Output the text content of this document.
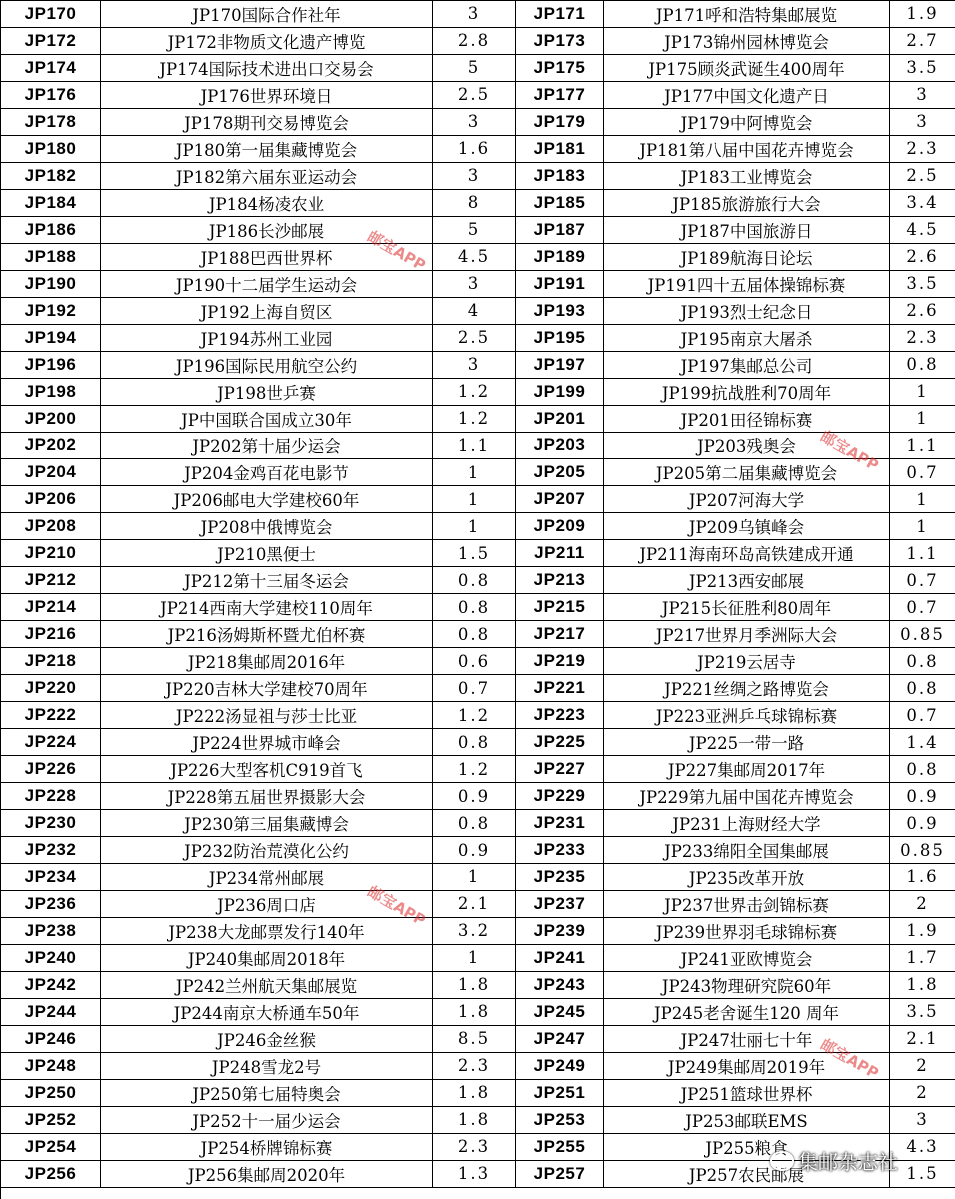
JP170	JP170国际合作社年	3	JP171	JP171呼和浩特集邮展览	1.9
JP172	JP172非物质文化遗产博览	2.8	JP173	JP173锦州园林博览会	2.7
JP174	JP174国际技术进出口交易会	5	JP175	JP175顾炎武诞生400周年	3.5
JP176	JP176世界环境日	2.5	JP177	JP177中国文化遗产日	3
JP178	JP178期刊交易博览会	3	JP179	JP179中阿博览会	3
JP180	JP180第一届集藏博览会	1.6	JP181	JP181第八届中国花卉博览会	2.3
JP182	JP182第六届东亚运动会	3	JP183	JP183工业博览会	2.5
JP184	JP184杨凌农业	8	JP185	JP185旅游旅行大会	3.4
JP186	JP186长沙邮展	5	JP187	JP187中国旅游日	4.5
JP188	JP188巴西世界杯	4.5	JP189	JP189航海日论坛	2.6
JP190	JP190十二届学生运动会	3	JP191	JP191四十五届体操锦标赛	3.5
JP192	JP192上海自贸区	4	JP193	JP193烈士纪念日	2.6
JP194	JP194苏州工业园	2.5	JP195	JP195南京大屠杀	2.3
JP196	JP196国际民用航空公约	3	JP197	JP197集邮总公司	0.8
JP198	JP198世乒赛	1.2	JP199	JP199抗战胜利70周年	1
JP200	JP中国联合国成立30年	1.2	JP201	JP201田径锦标赛	1
JP202	JP202第十届少运会	1.1	JP203	JP203残奥会	1.1
JP204	JP204金鸡百花电影节	1	JP205	JP205第二届集藏博览会	0.7
JP206	JP206邮电大学建校60年	1	JP207	JP207河海大学	1
JP208	JP208中俄博览会	1	JP209	JP209乌镇峰会	1
JP210	JP210黑便士	1.5	JP211	JP211海南环岛高铁建成开通	1.1
JP212	JP212第十三届冬运会	0.8	JP213	JP213西安邮展	0.7
JP214	JP214西南大学建校110周年	0.8	JP215	JP215长征胜利80周年	0.7
JP216	JP216汤姆斯杯暨尤伯杯赛	0.8	JP217	JP217世界月季洲际大会	0.85
JP218	JP218集邮周2016年	0.6	JP219	JP219云居寺	0.8
JP220	JP220吉林大学建校70周年	0.7	JP221	JP221丝绸之路博览会	0.8
JP222	JP222汤显祖与莎士比亚	1.2	JP223	JP223亚洲乒乓球锦标赛	0.7
JP224	JP224世界城市峰会	0.8	JP225	JP225一带一路	1.4
JP226	JP226大型客机C919首飞	1.2	JP227	JP227集邮周2017年	0.8
JP228	JP228第五届世界摄影大会	0.9	JP229	JP229第九届中国花卉博览会	0.9
JP230	JP230第三届集藏博会	0.8	JP231	JP231上海财经大学	0.9
JP232	JP232防治荒漠化公约	0.9	JP233	JP233绵阳全国集邮展	0.85
JP234	JP234常州邮展	1	JP235	JP235改革开放	1.6
JP236	JP236周口店	2.1	JP237	JP237世界击剑锦标赛	2
JP238	JP238大龙邮票发行140年	3.2	JP239	JP239世界羽毛球锦标赛	1.9
JP240	JP240集邮周2018年	1	JP241	JP241亚欧博览会	1.7
JP242	JP242兰州航天集邮展览	1.8	JP243	JP243物理研究院60年	1.8
JP244	JP244南京大桥通车50年	1.8	JP245	JP245老舍诞生120 周年	3.5
JP246	JP246金丝猴	8.5	JP247	JP247壮丽七十年	2.1
JP248	JP248雪龙2号	2.3	JP249	JP249集邮周2019年	2
JP250	JP250第七届特奥会	1.8	JP251	JP251篮球世界杯	2
JP252	JP252十一届少运会	1.8	JP253	JP253邮联EMS	3
JP254	JP254桥牌锦标赛	2.3	JP255	JP255粮食	4.3
JP256	JP256集邮周2020年	1.3	JP257	JP257农民邮展	1.5
邮宝APP
邮宝APP
邮宝APP
邮宝APP
集邮杂志社
